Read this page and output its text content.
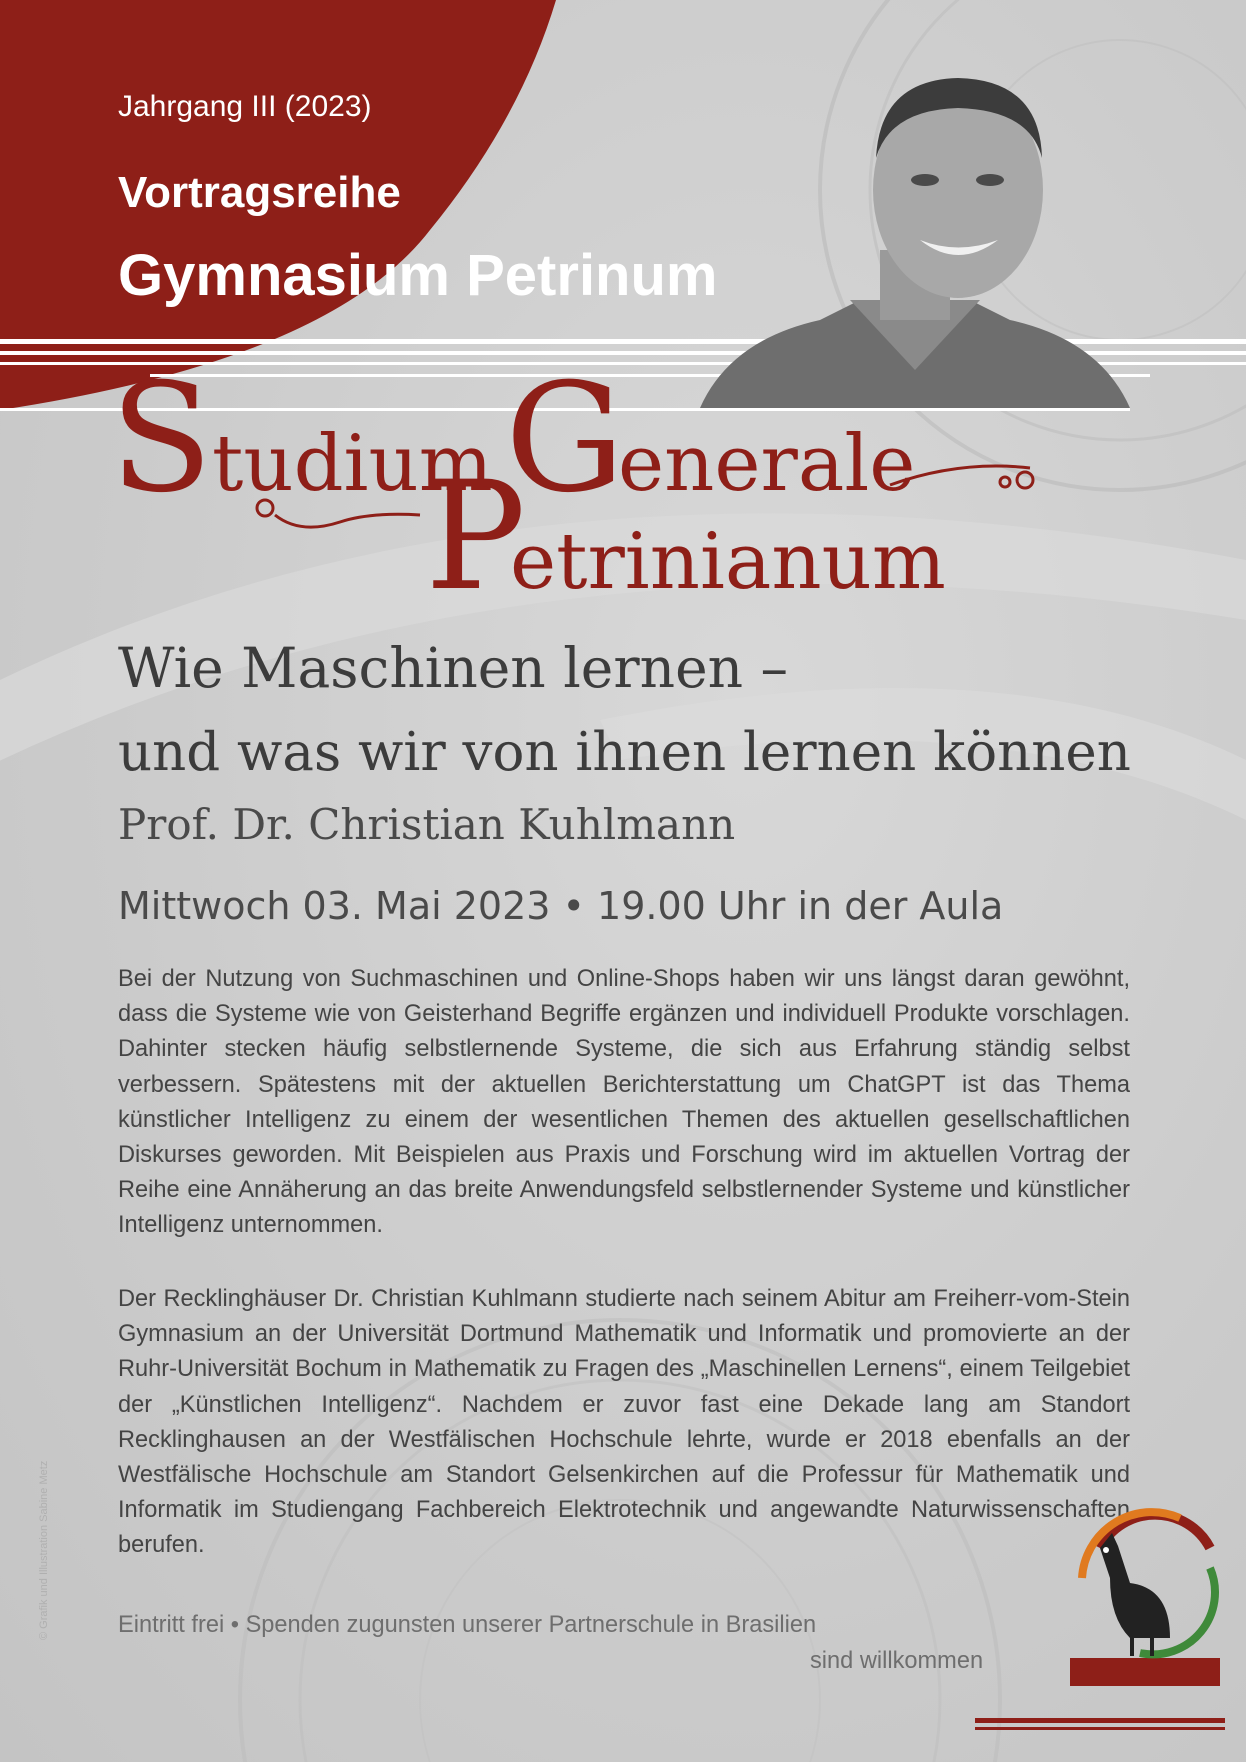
Jahrgang III (2023)
Vortragsreihe
Gymnasium Petrinum
S tudium G
enerale
P
etrinianum
Wie Maschinen lernen –
und was wir von ihnen lernen können
Prof. Dr. Christian Kuhlmann
Mittwoch 03. Mai 2023 • 19.00 Uhr in der Aula
Bei der Nutzung von Suchmaschinen und Online-Shops haben wir uns längst daran gewöhnt, dass die Systeme wie von Geisterhand Begriffe ergänzen und individuell Produkte vorschlagen. Dahinter stecken häufig selbstlernende Systeme, die sich aus Erfahrung ständig selbst verbessern. Spätestens mit der aktuellen Berichterstattung um ChatGPT ist das Thema künstlicher Intelligenz zu einem der wesentlichen Themen des aktuellen gesellschaftlichen Diskurses geworden. Mit Beispielen aus Praxis und Forschung wird im aktuellen Vortrag der Reihe eine Annäherung an das breite Anwendungsfeld selbstlernender Systeme und künstlicher Intelligenz unternommen.
Der Recklinghäuser Dr. Christian Kuhlmann studierte nach seinem Abitur am Freiherr-vom-Stein Gymnasium an der Universität Dortmund Mathematik und Informatik und promovierte an der Ruhr-Universität Bochum in Mathematik zu Fragen des „Maschinellen Lernens“, einem Teilgebiet der „Künstlichen Intelligenz“. Nachdem er zuvor fast eine Dekade lang am Standort Recklinghausen an der Westfälischen Hochschule lehrte, wurde er 2018 ebenfalls an der Westfälische Hochschule am Standort Gelsenkirchen auf die Professur für Mathematik und Informatik im Studiengang Fachbereich Elektrotechnik und angewandte Naturwissenschaften berufen.
Eintritt frei • Spenden zugunsten unserer Partnerschule in Brasilien
sind willkommen
© Grafik und Illustration Sabine Metz
